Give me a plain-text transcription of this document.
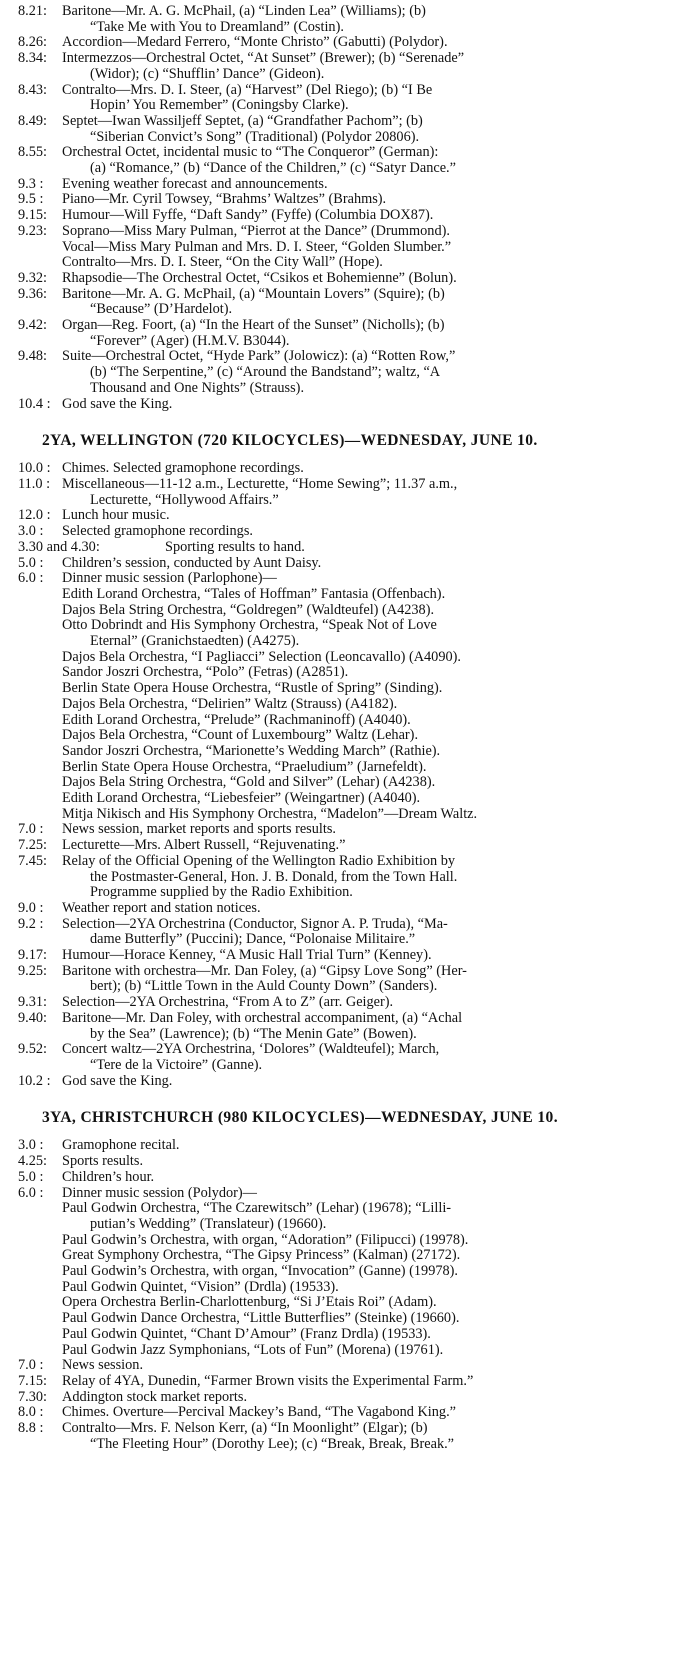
8.21:	Baritone—Mr. A. G. McPhail, (a) “Linden Lea” (Williams); (b)
“Take Me with You to Dreamland” (Costin).
8.26:	Accordion—Medard Ferrero, “Monte Christo” (Gabutti) (Polydor).
8.34:	Intermezzos—Orchestral Octet, “At Sunset” (Brewer); (b) “Serenade”
(Widor); (c) “Shufflin’ Dance” (Gideon).
8.43:	Contralto—Mrs. D. I. Steer, (a) “Harvest” (Del Riego); (b) “I Be
Hopin’ You Remember” (Coningsby Clarke).
8.49:	Septet—Iwan Wassiljeff Septet, (a) “Grandfather Pachom”; (b)
“Siberian Convict’s Song” (Traditional) (Polydor 20806).
8.55:	Orchestral Octet, incidental music to “The Conqueror” (German):
(a) “Romance,” (b) “Dance of the Children,” (c) “Satyr Dance.”
9.3 :	Evening weather forecast and announcements.
9.5 :	Piano—Mr. Cyril Towsey, “Brahms’ Waltzes” (Brahms).
9.15:	Humour—Will Fyffe, “Daft Sandy” (Fyffe) (Columbia DOX87).
9.23:	Soprano—Miss Mary Pulman, “Pierrot at the Dance” (Drummond).
Vocal—Miss Mary Pulman and Mrs. D. I. Steer, “Golden Slumber.”
Contralto—Mrs. D. I. Steer, “On the City Wall” (Hope).
9.32:	Rhapsodie—The Orchestral Octet, “Csikos et Bohemienne” (Bolun).
9.36:	Baritone—Mr. A. G. McPhail, (a) “Mountain Lovers” (Squire); (b)
“Because” (D’Hardelot).
9.42:	Organ—Reg. Foort, (a) “In the Heart of the Sunset” (Nicholls); (b)
“Forever” (Ager) (H.M.V. B3044).
9.48:	Suite—Orchestral Octet, “Hyde Park” (Jolowicz): (a) “Rotten Row,”
(b) “The Serpentine,” (c) “Around the Bandstand”; waltz, “A
Thousand and One Nights” (Strauss).
10.4 : God save the King.
2YA, WELLINGTON (720 KILOCYCLES)—WEDNESDAY, JUNE 10.
10.0 : Chimes. Selected gramophone recordings.
11.0 : Miscellaneous—11-12 a.m., Lecturette, “Home Sewing”; 11.37 a.m.,
Lecturette, “Hollywood Affairs.”
12.0 : Lunch hour music.
3.0 :	Selected gramophone recordings.
3.30 and 4.30:	Sporting results to hand.
5.0 :	Children’s session, conducted by Aunt Daisy.
6.0 :	Dinner music session (Parlophone)—
Edith Lorand Orchestra, “Tales of Hoffman” Fantasia (Offenbach).
Dajos Bela String Orchestra, “Goldregen” (Waldteufel) (A4238).
Otto Dobrindt and His Symphony Orchestra, “Speak Not of Love
Eternal” (Granichstaedten) (A4275).
Dajos Bela Orchestra, “I Pagliacci” Selection (Leoncavallo) (A4090).
Sandor Joszri Orchestra, “Polo” (Fetras) (A2851).
Berlin State Opera House Orchestra, “Rustle of Spring” (Sinding).
Dajos Bela Orchestra, “Delirien” Waltz (Strauss) (A4182).
Edith Lorand Orchestra, “Prelude” (Rachmaninoff) (A4040).
Dajos Bela Orchestra, “Count of Luxembourg” Waltz (Lehar).
Sandor Joszri Orchestra, “Marionette’s Wedding March” (Rathie).
Berlin State Opera House Orchestra, “Praeludium” (Jarnefeldt).
Dajos Bela String Orchestra, “Gold and Silver” (Lehar) (A4238).
Edith Lorand Orchestra, “Liebesfeier” (Weingartner) (A4040).
Mitja Nikisch and His Symphony Orchestra, “Madelon”—Dream Waltz.
7.0 :	News session, market reports and sports results.
7.25:	Lecturette—Mrs. Albert Russell, “Rejuvenating.”
7.45:	Relay of the Official Opening of the Wellington Radio Exhibition by
the Postmaster-General, Hon. J. B. Donald, from the Town Hall.
Programme supplied by the Radio Exhibition.
9.0 :	Weather report and station notices.
9.2 :	Selection—2YA Orchestrina (Conductor, Signor A. P. Truda), “Ma-
dame Butterfly” (Puccini); Dance, “Polonaise Militaire.”
9.17:	Humour—Horace Kenney, “A Music Hall Trial Turn” (Kenney).
9.25:	Baritone with orchestra—Mr. Dan Foley, (a) “Gipsy Love Song” (Her-
bert); (b) “Little Town in the Auld County Down” (Sanders).
9.31:	Selection—2YA Orchestrina, “From A to Z” (arr. Geiger).
9.40:	Baritone—Mr. Dan Foley, with orchestral accompaniment, (a) “Achal
by the Sea” (Lawrence); (b) “The Menin Gate” (Bowen).
9.52:	Concert waltz—2YA Orchestrina, ‘Dolores” (Waldteufel); March,
“Tere de la Victoire” (Ganne).
10.2 : God save the King.
3YA, CHRISTCHURCH (980 KILOCYCLES)—WEDNESDAY, JUNE 10.
3.0 :	Gramophone recital.
4.25:	Sports results.
5.0 :	Children’s hour.
6.0 :	Dinner music session (Polydor)—
Paul Godwin Orchestra, “The Czarewitsch” (Lehar) (19678); “Lilli-
putian’s Wedding” (Translateur) (19660).
Paul Godwin’s Orchestra, with organ, “Adoration” (Filipucci) (19978).
Great Symphony Orchestra, “The Gipsy Princess” (Kalman) (27172).
Paul Godwin’s Orchestra, with organ, “Invocation” (Ganne) (19978).
Paul Godwin Quintet, “Vision” (Drdla) (19533).
Opera Orchestra Berlin-Charlottenburg, “Si J’Etais Roi” (Adam).
Paul Godwin Dance Orchestra, “Little Butterflies” (Steinke) (19660).
Paul Godwin Quintet, “Chant D’Amour” (Franz Drdla) (19533).
Paul Godwin Jazz Symphonians, “Lots of Fun” (Morena) (19761).
7.0 :	News session.
7.15:	Relay of 4YA, Dunedin, “Farmer Brown visits the Experimental Farm.”
7.30:	Addington stock market reports.
8.0 :	Chimes. Overture—Percival Mackey’s Band, “The Vagabond King.”
8.8 :	Contralto—Mrs. F. Nelson Kerr, (a) “In Moonlight” (Elgar); (b)
“The Fleeting Hour” (Dorothy Lee); (c) “Break, Break, Break.”
